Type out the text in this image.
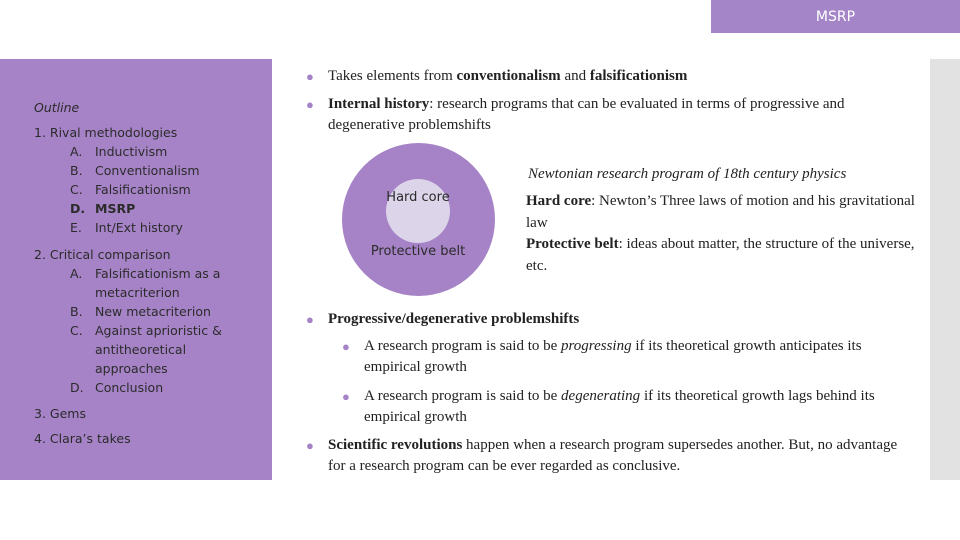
MSRP
Outline
1. Rival methodologies
A.	Inductivism
B. Conventionalism
C. Falsificationism
D. MSRP
E.	Int/Ext history
2. Critical comparison
A.	Falsificationism as a metacriterion
B. New metacriterion
C. Against aprioristic & antitheoretical approaches
D. Conclusion
3. Gems
4. Clara’s takes
● Takes elements from conventionalism and falsificationism
● Internal history: research programs that can be evaluated in terms of progressive and degenerative problemshifts
Hard core
Protective belt
Newtonian research program of 18th century physics
Hard core: Newton’s Three laws of motion and his gravitational law
Protective belt: ideas about matter, the structure of the universe, etc.
● Progressive/degenerative problemshifts
● A research program is said to be progressing if its theoretical growth anticipates its empirical growth
● A research program is said to be degenerating if its theoretical growth lags behind its empirical growth
● Scientific revolutions happen when a research program supersedes another. But, no advantage for a research program can be ever regarded as conclusive.
